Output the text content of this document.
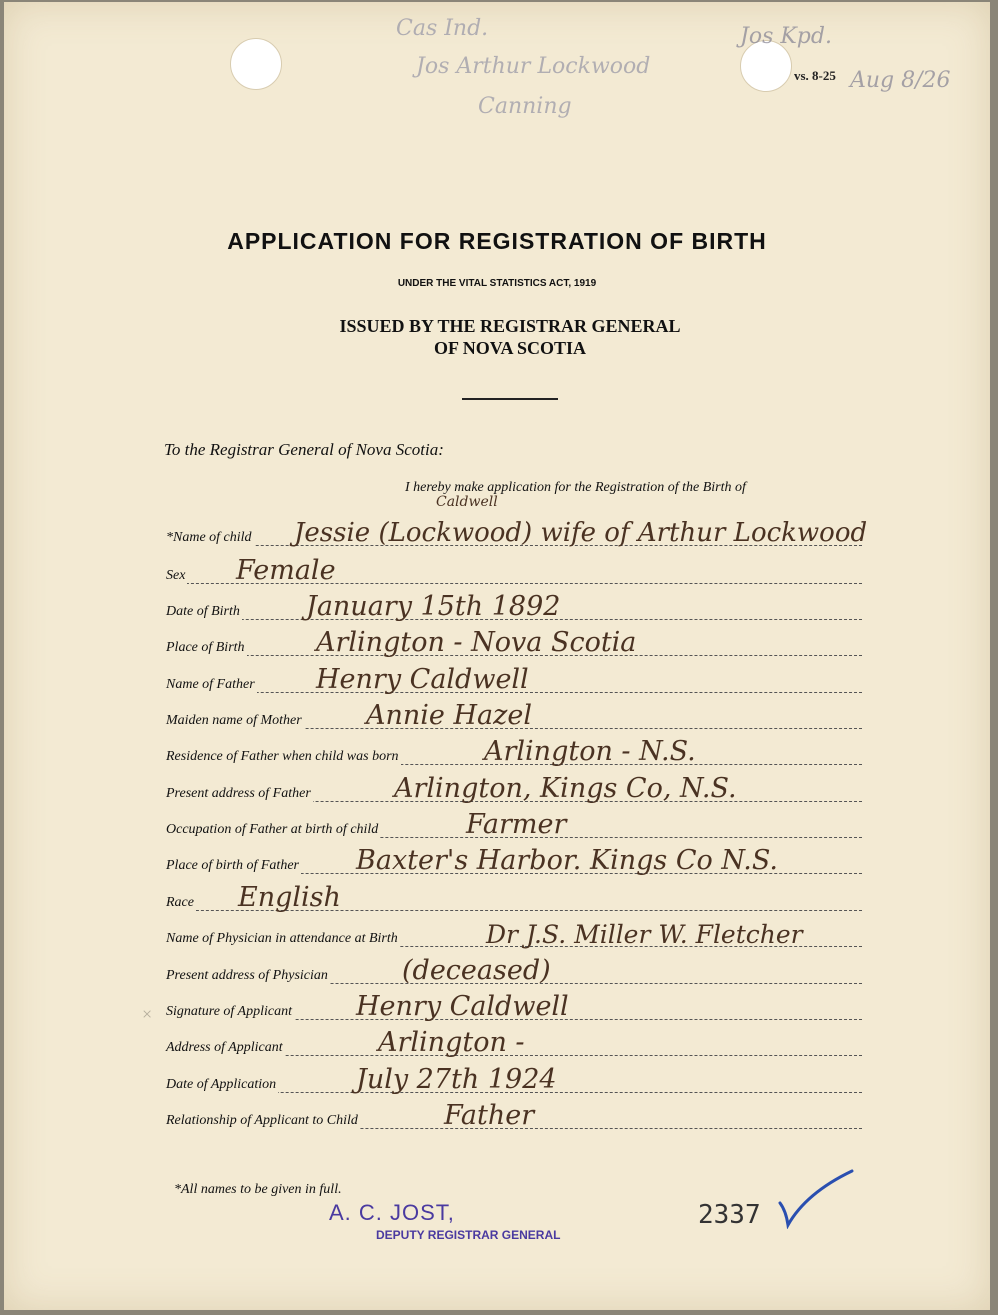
Cas Ind.
Jos Arthur Lockwood
Canning
Jos Kpd.
Aug 8/26
vs. 8-25
APPLICATION FOR REGISTRATION OF BIRTH
UNDER THE VITAL STATISTICS ACT, 1919
ISSUED BY THE REGISTRAR GENERAL
OF NOVA SCOTIA
To the Registrar General of Nova Scotia:
I hereby make application for the Registration of the Birth of
Caldwell
*Name of child Jessie (Lockwood) wife of Arthur Lockwood
Sex Female
Date of Birth January 15th 1892
Place of Birth	Arlington - Nova Scotia
Name of Father Henry Caldwell
Maiden name of Mother Annie Hazel
Residence of Father when child was born	Arlington - N.S.
Present address of Father	Arlington, Kings Co, N.S.
Occupation of Father at birth of child	Farmer
Place of birth of Father Baxter's Harbor. Kings Co N.S.
Race English
Name of Physician in attendance at Birth	Dr J.S. Miller W. Fletcher
Present address of Physician	(deceased)
Signature of Applicant Henry Caldwell
Address of Applicant	Arlington -
Date of Application	July 27th 1924
Relationship of Applicant to Child	Father
×
*All names to be given in full.
A. C. JOST,
DEPUTY REGISTRAR GENERAL
2337
